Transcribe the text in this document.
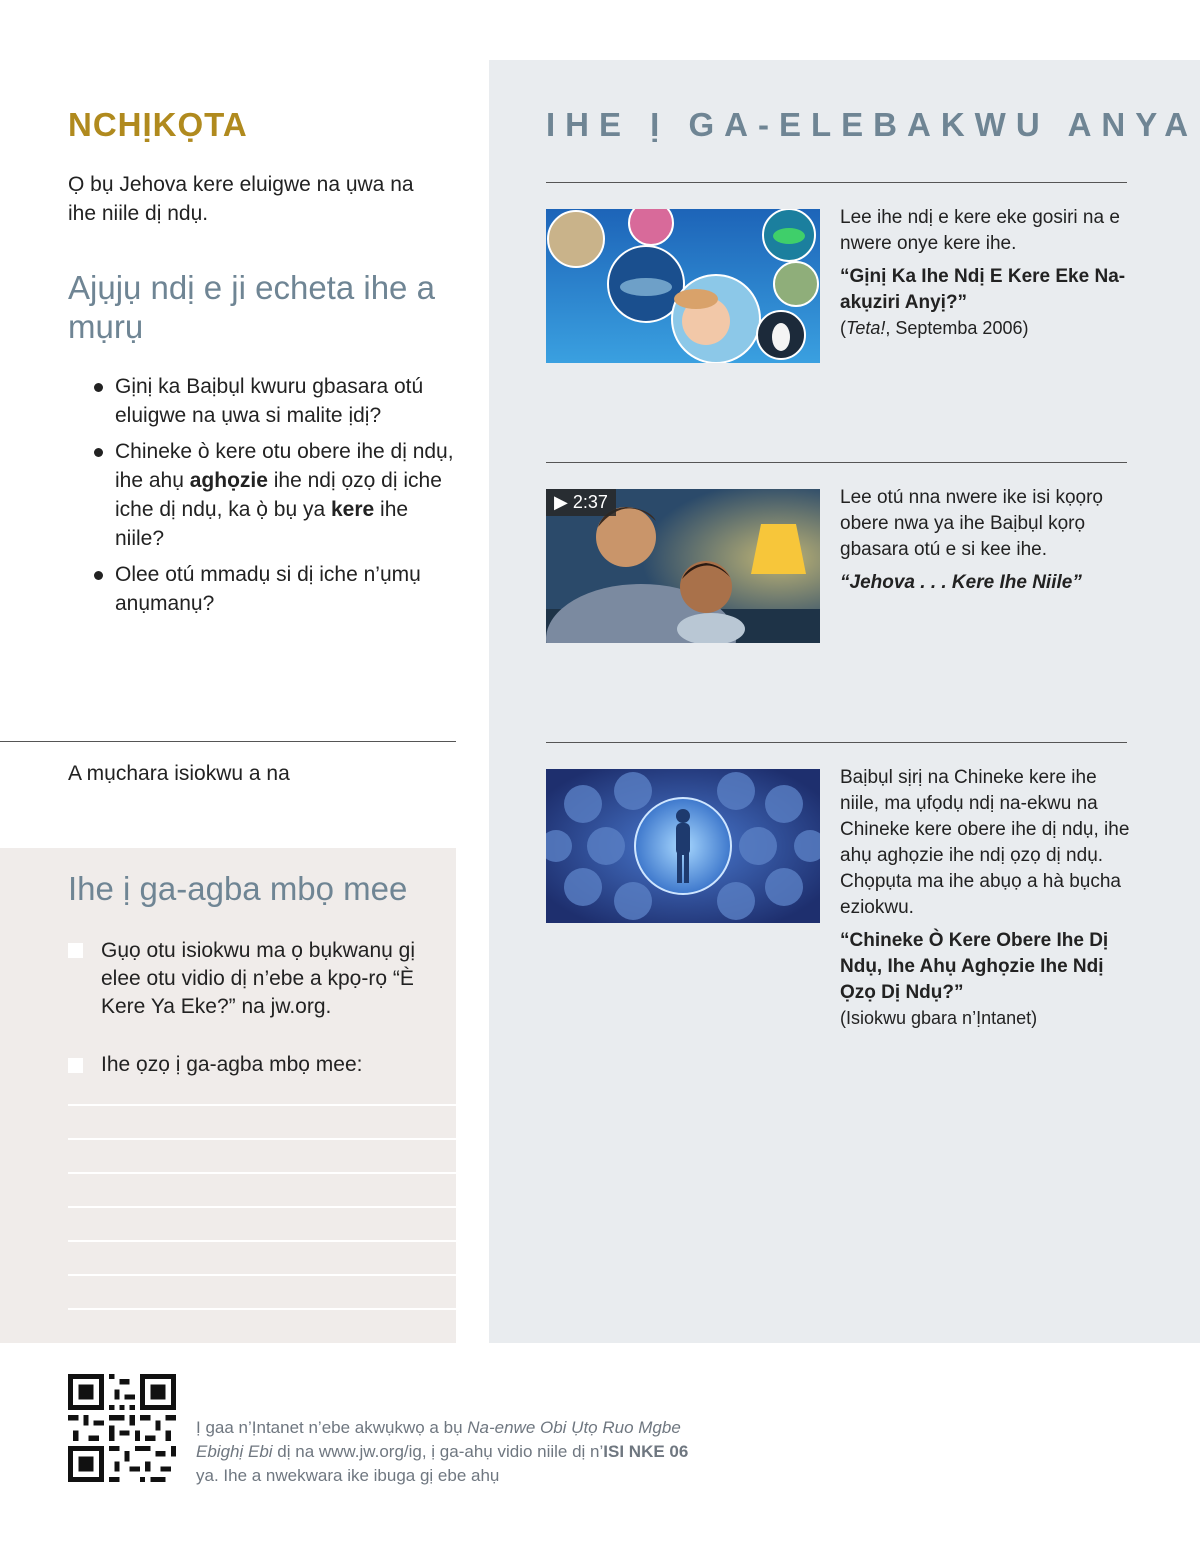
NCHỊKỌTA
Ọ bụ Jehova kere eluigwe na ụwa na ihe niile dị ndụ.
Ajụjụ ndị e ji echeta ihe a mụrụ
Gịnị ka Baịbụl kwuru gbasara otú eluigwe na ụwa si malite ịdị?
Chineke ò kere otu obere ihe dị ndụ, ihe ahụ aghọzie ihe ndị ọzọ dị iche iche dị ndụ, ka ọ̀ bụ ya kere ihe niile?
Olee otú mmadụ si dị iche n’ụmụ anụmanụ?
A mụchara isiokwu a na
Ihe ị ga-agba mbọ mee
Gụọ otu isiokwu ma ọ bụkwanụ gị elee otu vidio dị n’ebe a kpọ-rọ “È Kere Ya Eke?” na jw.org.
Ihe ọzọ ị ga-agba mbọ mee:
IHE Ị GA-ELEBAKWU ANYA
Lee ihe ndị e kere eke gosiri na e nwere onye kere ihe.
“Gịnị Ka Ihe Ndị E Kere Eke Na-akụziri Anyị?”
(Teta!, Septemba 2006)
▶ 2:37	Lee otú nna nwere ike isi kọọrọ obere nwa ya ihe Baịbụl kọrọ gbasara otú e si kee ihe.
“Jehova . . . Kere Ihe Niile”
Baịbụl sịrị na Chineke kere ihe niile, ma ụfọdụ ndị na-ekwu na Chineke kere obere ihe dị ndụ, ihe ahụ aghọzie ihe ndị ọzọ dị ndụ. Chọpụta ma ihe abụọ a hà bụcha eziokwu.
“Chineke Ò Kere Obere Ihe Dị Ndụ, Ihe Ahụ Aghọzie Ihe Ndị Ọzọ Dị Ndụ?”
(Isiokwu gbara n’Ịntanet)
Ị gaa n’Ịntanet n’ebe akwụkwọ a bụ Na-enwe Obi Ụtọ Ruo Mgbe Ebighị Ebi dị na www.jw.org/ig, ị ga-ahụ vidio niile dị n’ISI NKE 06 ya. Ihe a nwekwara ike ibuga gị ebe ahụ
